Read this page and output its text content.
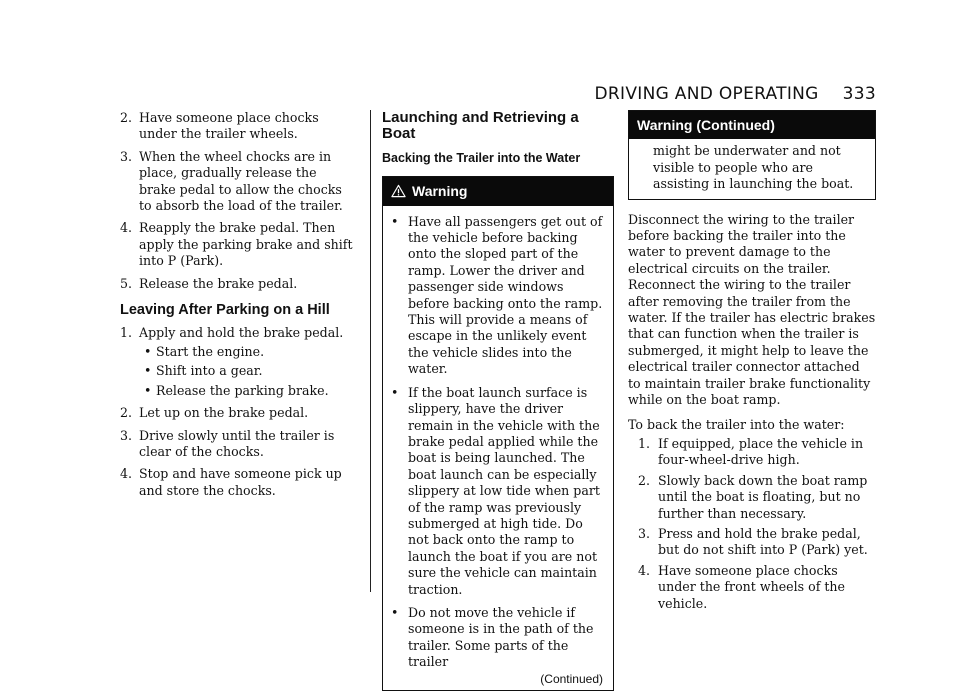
DRIVING AND OPERATING 333
2. Have someone place chocks under the trailer wheels.
3. When the wheel chocks are in place, gradually release the brake pedal to allow the chocks to absorb the load of the trailer.
4. Reapply the brake pedal. Then apply the parking brake and shift into P (Park).
5. Release the brake pedal.
Leaving After Parking on a Hill
1. Apply and hold the brake pedal.
• Start the engine.
• Shift into a gear.
• Release the parking brake.
2. Let up on the brake pedal.
3. Drive slowly until the trailer is clear of the chocks.
4. Stop and have someone pick up and store the chocks.
Launching and Retrieving a Boat
Backing the Trailer into the Water
Warning
• Have all passengers get out of the vehicle before backing onto the sloped part of the ramp. Lower the driver and passenger side windows before backing onto the ramp. This will provide a means of escape in the unlikely event the vehicle slides into the water.
• If the boat launch surface is slippery, have the driver remain in the vehicle with the brake pedal applied while the boat is being launched. The boat launch can be especially slippery at low tide when part of the ramp was previously submerged at high tide. Do not back onto the ramp to launch the boat if you are not sure the vehicle can maintain traction.
• Do not move the vehicle if someone is in the path of the trailer. Some parts of the trailer
(Continued)
Warning (Continued)
might be underwater and not visible to people who are assisting in launching the boat.

Disconnect the wiring to the trailer before backing the trailer into the water to prevent damage to the electrical circuits on the trailer. Reconnect the wiring to the trailer after removing the trailer from the water. If the trailer has electric brakes that can function when the trailer is submerged, it might help to leave the electrical trailer connector attached to maintain trailer brake functionality while on the boat ramp.

To back the trailer into the water:

1. If equipped, place the vehicle in four-wheel-drive high.
2. Slowly back down the boat ramp until the boat is floating, but no further than necessary.
3. Press and hold the brake pedal, but do not shift into P (Park) yet.
4. Have someone place chocks under the front wheels of the vehicle.
